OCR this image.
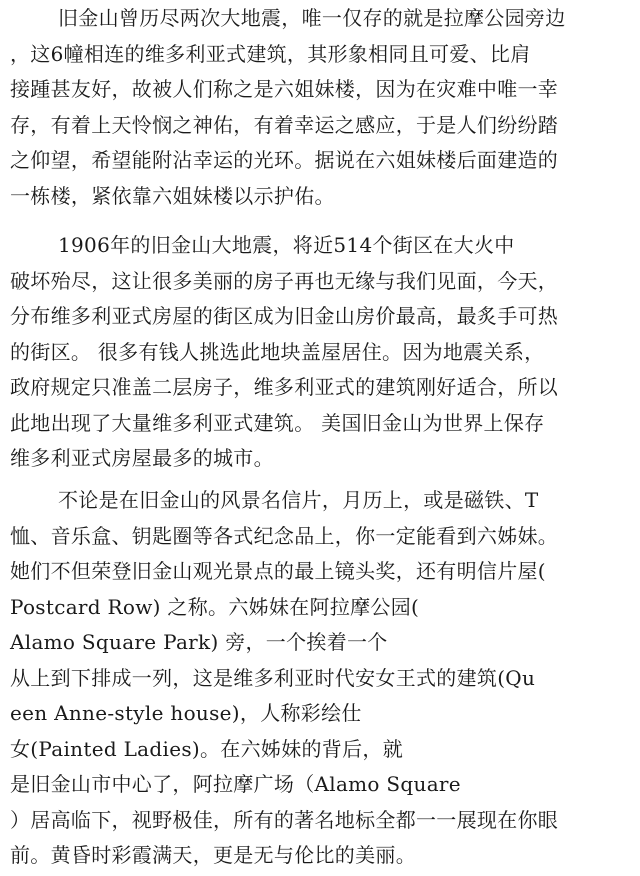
旧金山曾历尽两次大地震，唯一仅存的就是拉摩公园旁边
，这6幢相连的维多利亚式建筑，其形象相同且可爱、比肩
接踵甚友好，故被人们称之是六姐妹楼，因为在灾难中唯一幸
存，有着上天怜悯之神佑，有着幸运之感应，于是人们纷纷踏
之仰望，希望能附沾幸运的光环。据说在六姐妹楼后面建造的
一栋楼，紧依靠六姐妹楼以示护佑。
1906年的旧金山大地震，将近514个街区在大火中
破坏殆尽，这让很多美丽的房子再也无缘与我们见面，今天，
分布维多利亚式房屋的街区成为旧金山房价最高，最炙手可热
的街区。 很多有钱人挑选此地块盖屋居住。因为地震关系，
政府规定只准盖二层房子，维多利亚式的建筑刚好适合，所以
此地出现了大量维多利亚式建筑。 美国旧金山为世界上保存
维多利亚式房屋最多的城市。
不论是在旧金山的风景名信片，月历上，或是磁铁、T
恤、音乐盒、钥匙圈等各式纪念品上，你一定能看到六姊妹。
她们不但荣登旧金山观光景点的最上镜头奖，还有明信片屋(
Postcard Row) 之称。六姊妹在阿拉摩公园(
Alamo Square Park) 旁，一个挨着一个
从上到下排成一列，这是维多利亚时代安女王式的建筑(Qu
een Anne-style house)，人称彩绘仕
女(Painted Ladies)。在六姊妹的背后，就
是旧金山市中心了，阿拉摩广场（Alamo Square
）居高临下，视野极佳，所有的著名地标全都一一展现在你眼
前。黄昏时彩霞满天，更是无与伦比的美丽。
